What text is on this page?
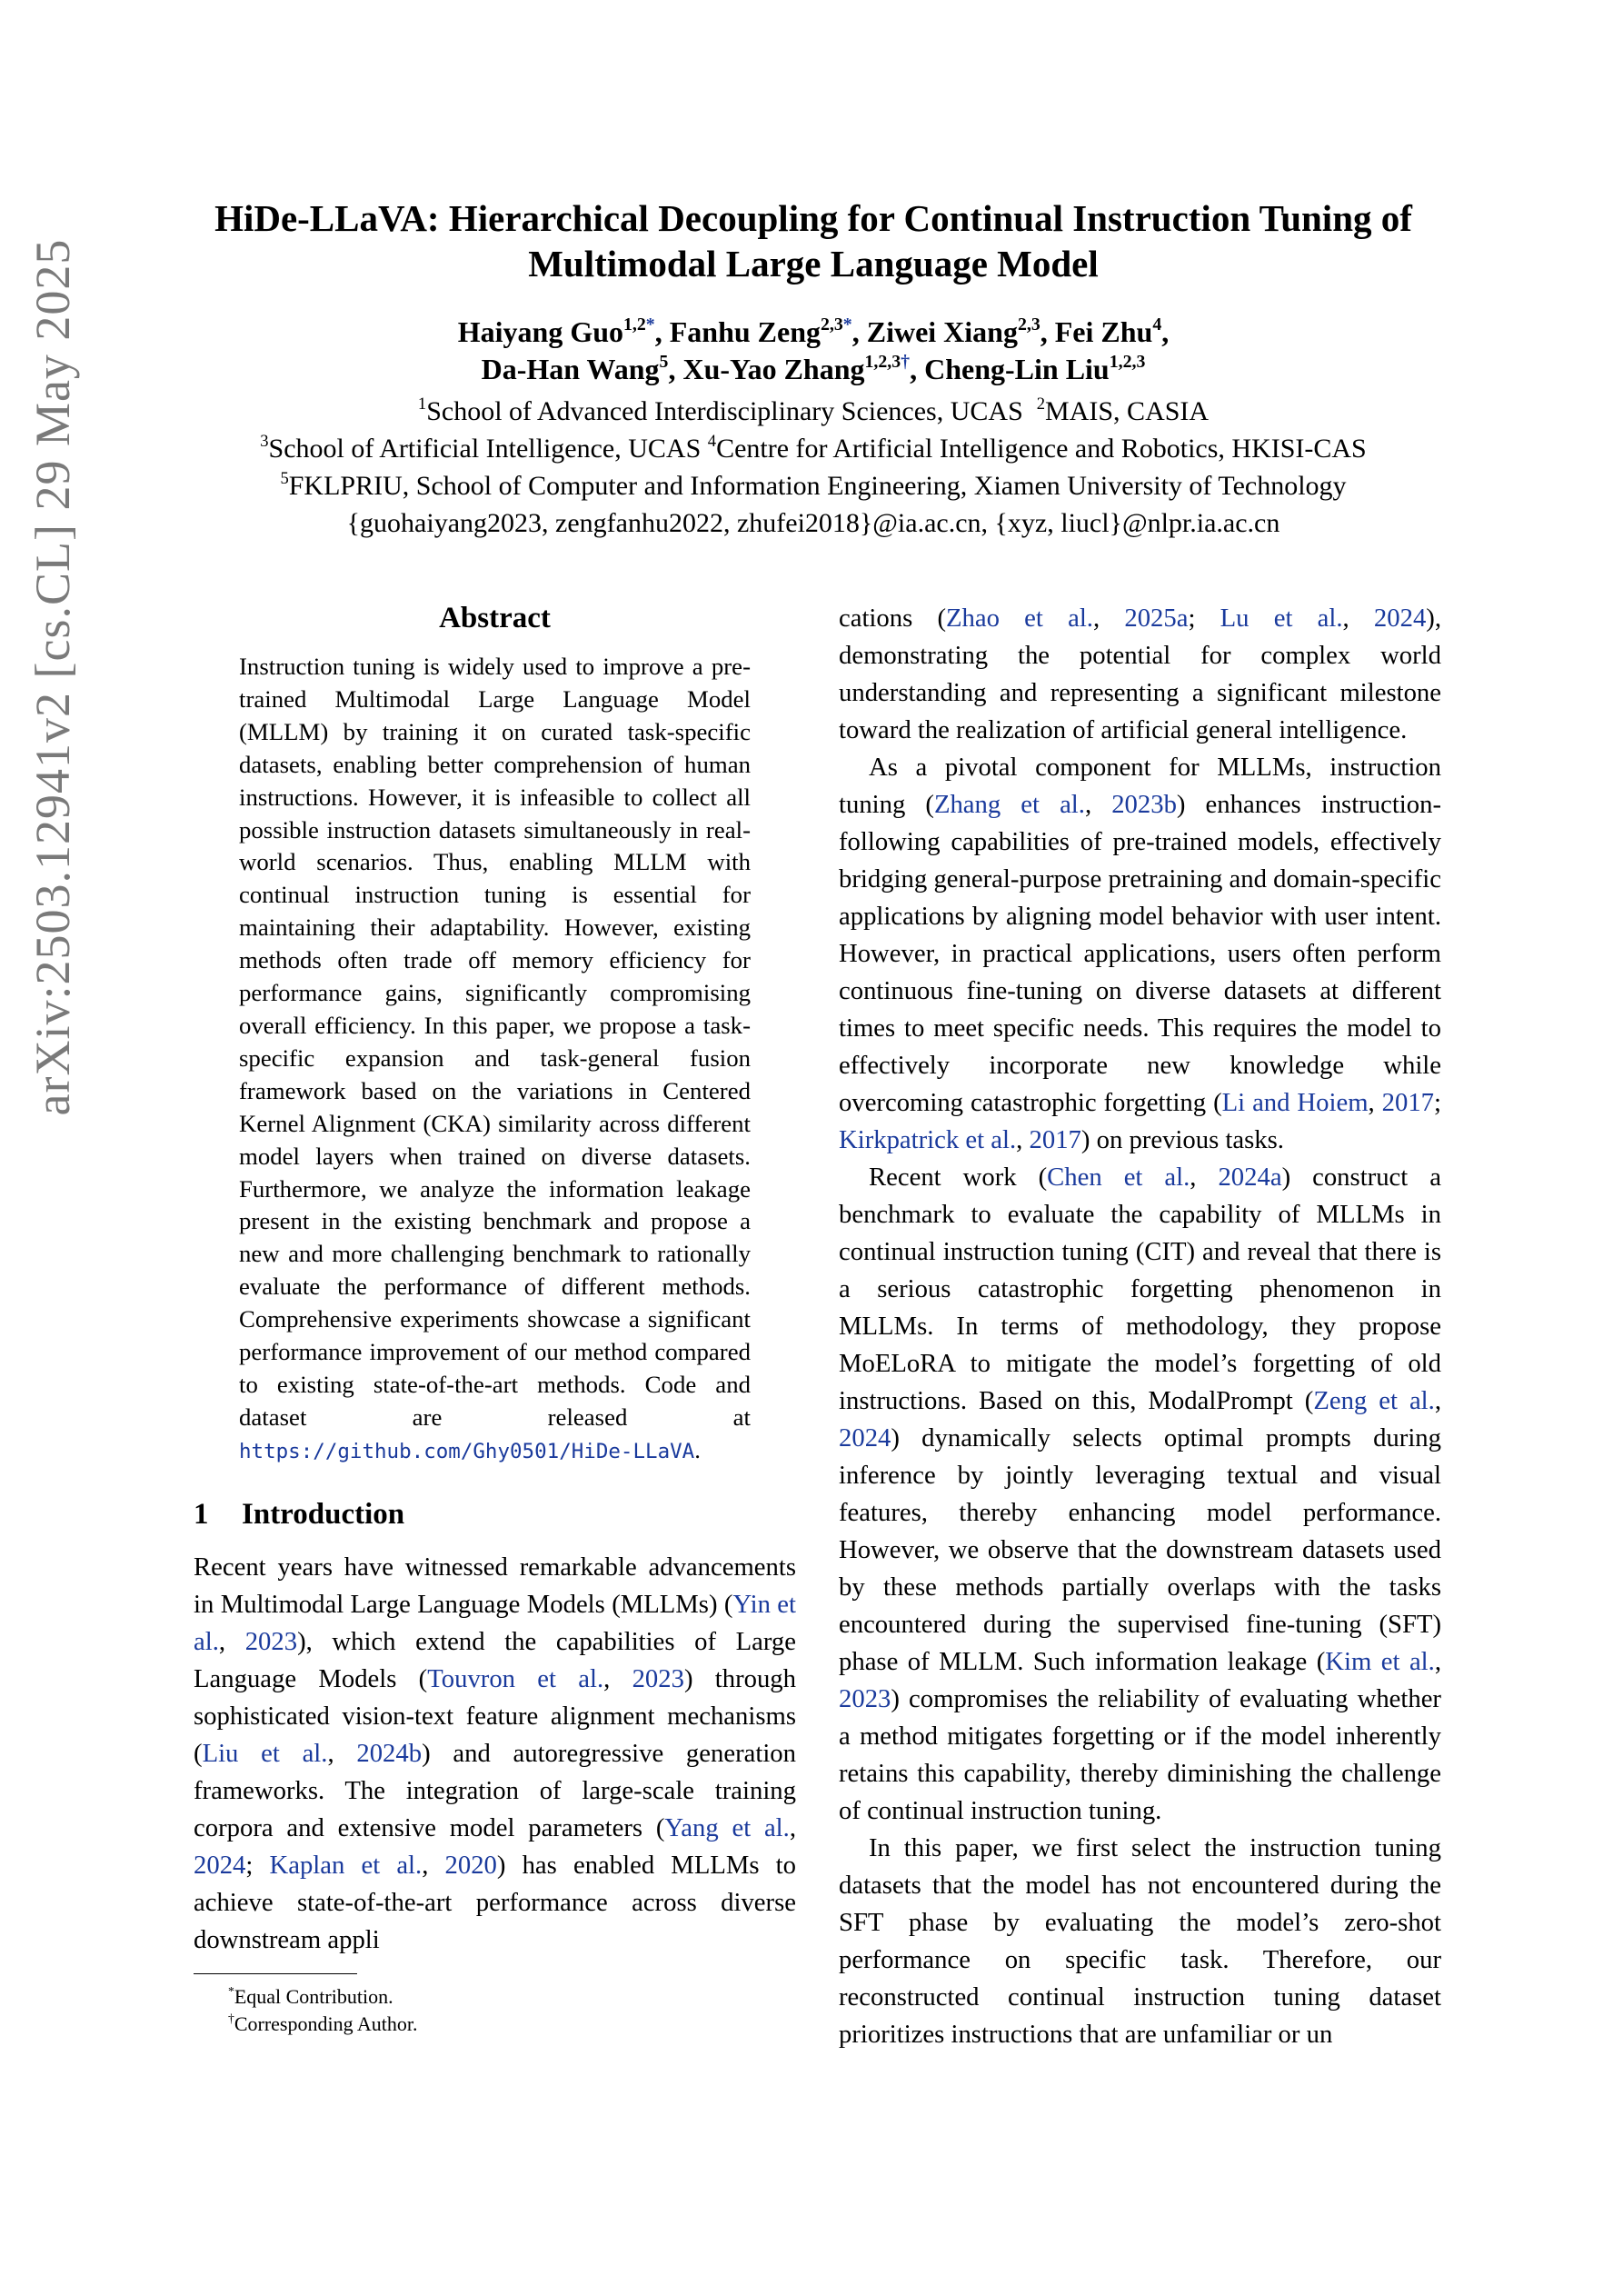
arXiv:2503.12941v2 [cs.CL] 29 May 2025
HiDe-LLaVA: Hierarchical Decoupling for Continual Instruction Tuning of
Multimodal Large Language Model
Haiyang Guo$^{1,2*}$, Fanhu Zeng$^{2,3*}$, Ziwei Xiang$^{2,3}$, Fei Zhu$^4$,
Da-Han Wang$^5$, Xu-Yao Zhang$^{1,2,3\dagger}$, Cheng-Lin Liu$^{1,2,3}$
$^1$School of Advanced Interdisciplinary Sciences, UCAS $^2$MAIS, CASIA
$^3$School of Artificial Intelligence, UCAS $^4$Centre for Artificial Intelligence and Robotics, HKISI-CAS
$^5$FKLPRIU, School of Computer and Information Engineering, Xiamen University of Technology
{guohaiyang2023, zengfanhu2022, zhufei2018}@ia.ac.cn, {xyz, liucl}@nlpr.ia.ac.cn
Abstract

Instruction tuning is widely used to improve a pre-trained Multimodal Large Language Model (MLLM) by training it on curated task-specific datasets, enabling better comprehension of human instructions. However, it is infeasible to collect all possible instruction datasets simultaneously in real-world scenarios. Thus, enabling MLLM with continual instruction tuning is essential for maintaining their adaptability. However, existing methods often trade off memory efficiency for performance gains, significantly compromising overall efficiency. In this paper, we propose a task-specific expansion and task-general fusion framework based on the variations in Centered Kernel Alignment (CKA) similarity across different model layers when trained on diverse datasets. Furthermore, we analyze the information leakage present in the existing benchmark and propose a new and more challenging benchmark to rationally evaluate the performance of different methods. Comprehensive experiments showcase a significant performance improvement of our method compared to existing state-of-the-art methods. Code and dataset are released at https://github.com/Ghy0501/HiDe-LLaVA.

1 Introduction

Recent years have witnessed remarkable advancements in Multimodal Large Language Models (MLLMs) (Yin et al., 2023), which extend the capabilities of Large Language Models (Touvron et al., 2023) through sophisticated vision-text feature alignment mechanisms (Liu et al., 2024b) and autoregressive generation frameworks. The integration of large-scale training corpora and extensive model parameters (Yang et al., 2024; Kaplan et al., 2020) has enabled MLLMs to achieve state-of-the-art performance across diverse downstream appli

*Equal Contribution.
†Corresponding Author.

cations (Zhao et al., 2025a; Lu et al., 2024), demonstrating the potential for complex world understanding and representing a significant milestone toward the realization of artificial general intelligence.

As a pivotal component for MLLMs, instruction tuning (Zhang et al., 2023b) enhances instruction-following capabilities of pre-trained models, effectively bridging general-purpose pretraining and domain-specific applications by aligning model behavior with user intent. However, in practical applications, users often perform continuous fine-tuning on diverse datasets at different times to meet specific needs. This requires the model to effectively incorporate new knowledge while overcoming catastrophic forgetting (Li and Hoiem, 2017; Kirkpatrick et al., 2017) on previous tasks.

Recent work (Chen et al., 2024a) construct a benchmark to evaluate the capability of MLLMs in continual instruction tuning (CIT) and reveal that there is a serious catastrophic forgetting phenomenon in MLLMs. In terms of methodology, they propose MoELoRA to mitigate the model’s forgetting of old instructions. Based on this, ModalPrompt (Zeng et al., 2024) dynamically selects optimal prompts during inference by jointly leveraging textual and visual features, thereby enhancing model performance. However, we observe that the downstream datasets used by these methods partially overlaps with the tasks encountered during the supervised fine-tuning (SFT) phase of MLLM. Such information leakage (Kim et al., 2023) compromises the reliability of evaluating whether a method mitigates forgetting or if the model inherently retains this capability, thereby diminishing the challenge of continual instruction tuning.

In this paper, we first select the instruction tuning datasets that the model has not encountered during the SFT phase by evaluating the model’s zero-shot performance on specific task. Therefore, our reconstructed continual instruction tuning dataset prioritizes instructions that are unfamiliar or un
